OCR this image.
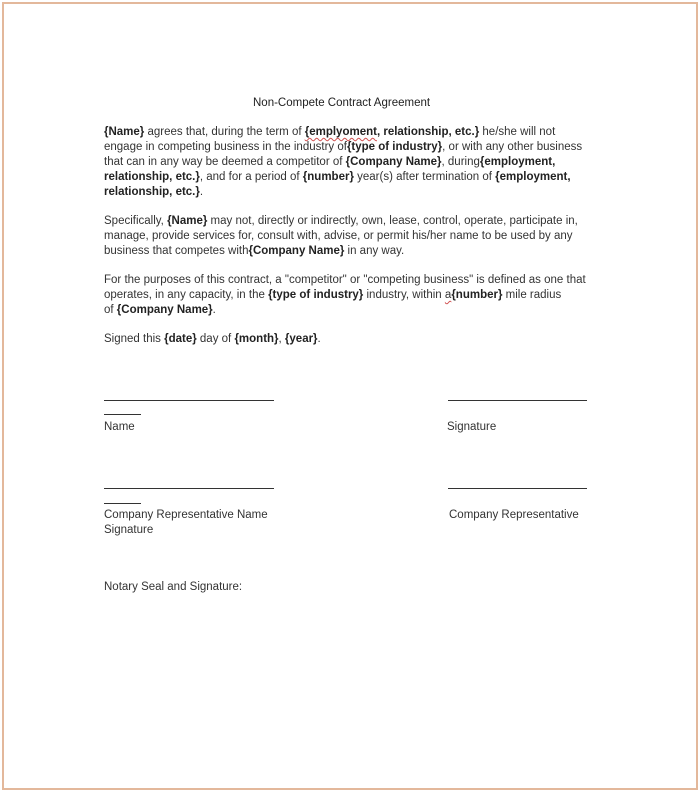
Non-Compete Contract Agreement
{Name} agrees that, during the term of {emplyoment, relationship, etc.} he/she will not
engage in competing business in the industry of{type of industry}, or with any other business
that can in any way be deemed a competitor of {Company Name}, during{employment,
relationship, etc.}, and for a period of {number} year(s) after termination of {employment,
relationship, etc.}.
Specifically, {Name} may not, directly or indirectly, own, lease, control, operate, participate in,
manage, provide services for, consult with, advise, or permit his/her name to be used by any
business that competes with{Company Name} in any way.
For the purposes of this contract, a "competitor" or "competing business" is defined as one that
operates, in any capacity, in the {type of industry} industry, within a{number} mile radius
of {Company Name}.
Signed this {date} day of {month}, {year}.
Name	Signature
Company Representative Name
Signature
Company Representative
Notary Seal and Signature:
